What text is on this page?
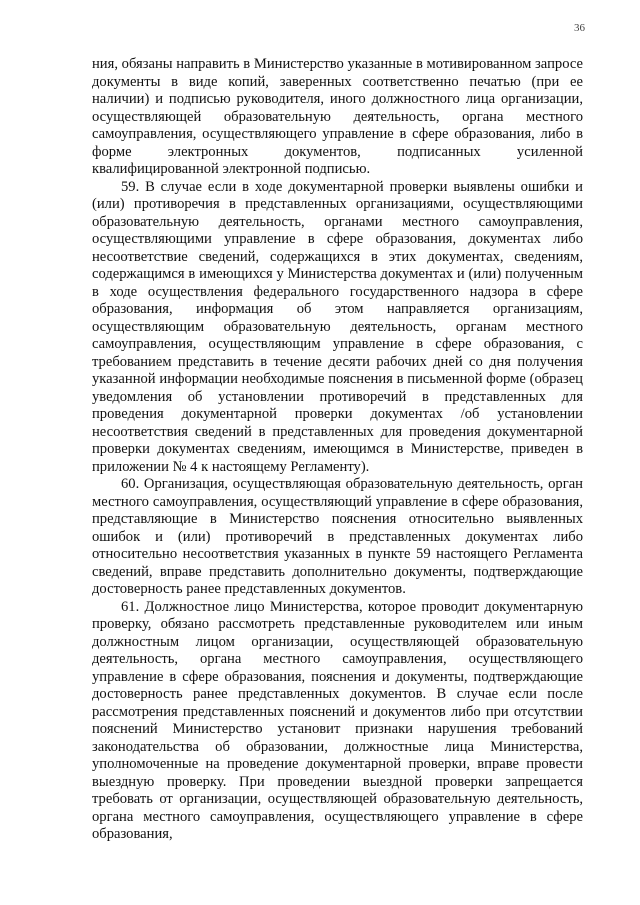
36

ния, обязаны направить в Министерство указанные в мотивированном запросе документы в виде копий, заверенных соответственно печатью (при ее наличии) и подписью руководителя, иного должностного лица организации, осуществляющей образовательную деятельность, органа местного самоуправления, осуществляющего управление в сфере образования, либо в форме электронных документов, подписанных усиленной квалифицированной электронной подписью.

59. В случае если в ходе документарной проверки выявлены ошибки и (или) противоречия в представленных организациями, осуществляющими образовательную деятельность, органами местного самоуправления, осуществляющими управление в сфере образования, документах либо несоответствие сведений, содержащихся в этих документах, сведениям, содержащимся в имеющихся у Министерства документах и (или) полученным в ходе осуществления федерального государственного надзора в сфере образования, информация об этом направляется организациям, осуществляющим образовательную деятельность, органам местного самоуправления, осуществляющим управление в сфере образования, с требованием представить в течение десяти рабочих дней со дня получения указанной информации необходимые пояснения в письменной форме (образец уведомления об установлении противоречий в представленных для проведения документарной проверки документах /об установлении несоответствия сведений в представленных для проведения документарной проверки документах сведениям, имеющимся в Министерстве, приведен в приложении № 4 к настоящему Регламенту).

60. Организация, осуществляющая образовательную деятельность, орган местного самоуправления, осуществляющий управление в сфере образования, представляющие в Министерство пояснения относительно выявленных ошибок и (или) противоречий в представленных документах либо относительно несоответствия указанных в пункте 59 настоящего Регламента сведений, вправе представить дополнительно документы, подтверждающие достоверность ранее представленных документов.

61. Должностное лицо Министерства, которое проводит документарную проверку, обязано рассмотреть представленные руководителем или иным должностным лицом организации, осуществляющей образовательную деятельность, органа местного самоуправления, осуществляющего управление в сфере образования, пояснения и документы, подтверждающие достоверность ранее представленных документов. В случае если после рассмотрения представленных пояснений и документов либо при отсутствии пояснений Министерство установит признаки нарушения требований законодательства об образовании, должностные лица Министерства, уполномоченные на проведение документарной проверки, вправе провести выездную проверку. При проведении выездной проверки запрещается требовать от организации, осуществляющей образовательную деятельность, органа местного самоуправления, осуществляющего управление в сфере образования,
